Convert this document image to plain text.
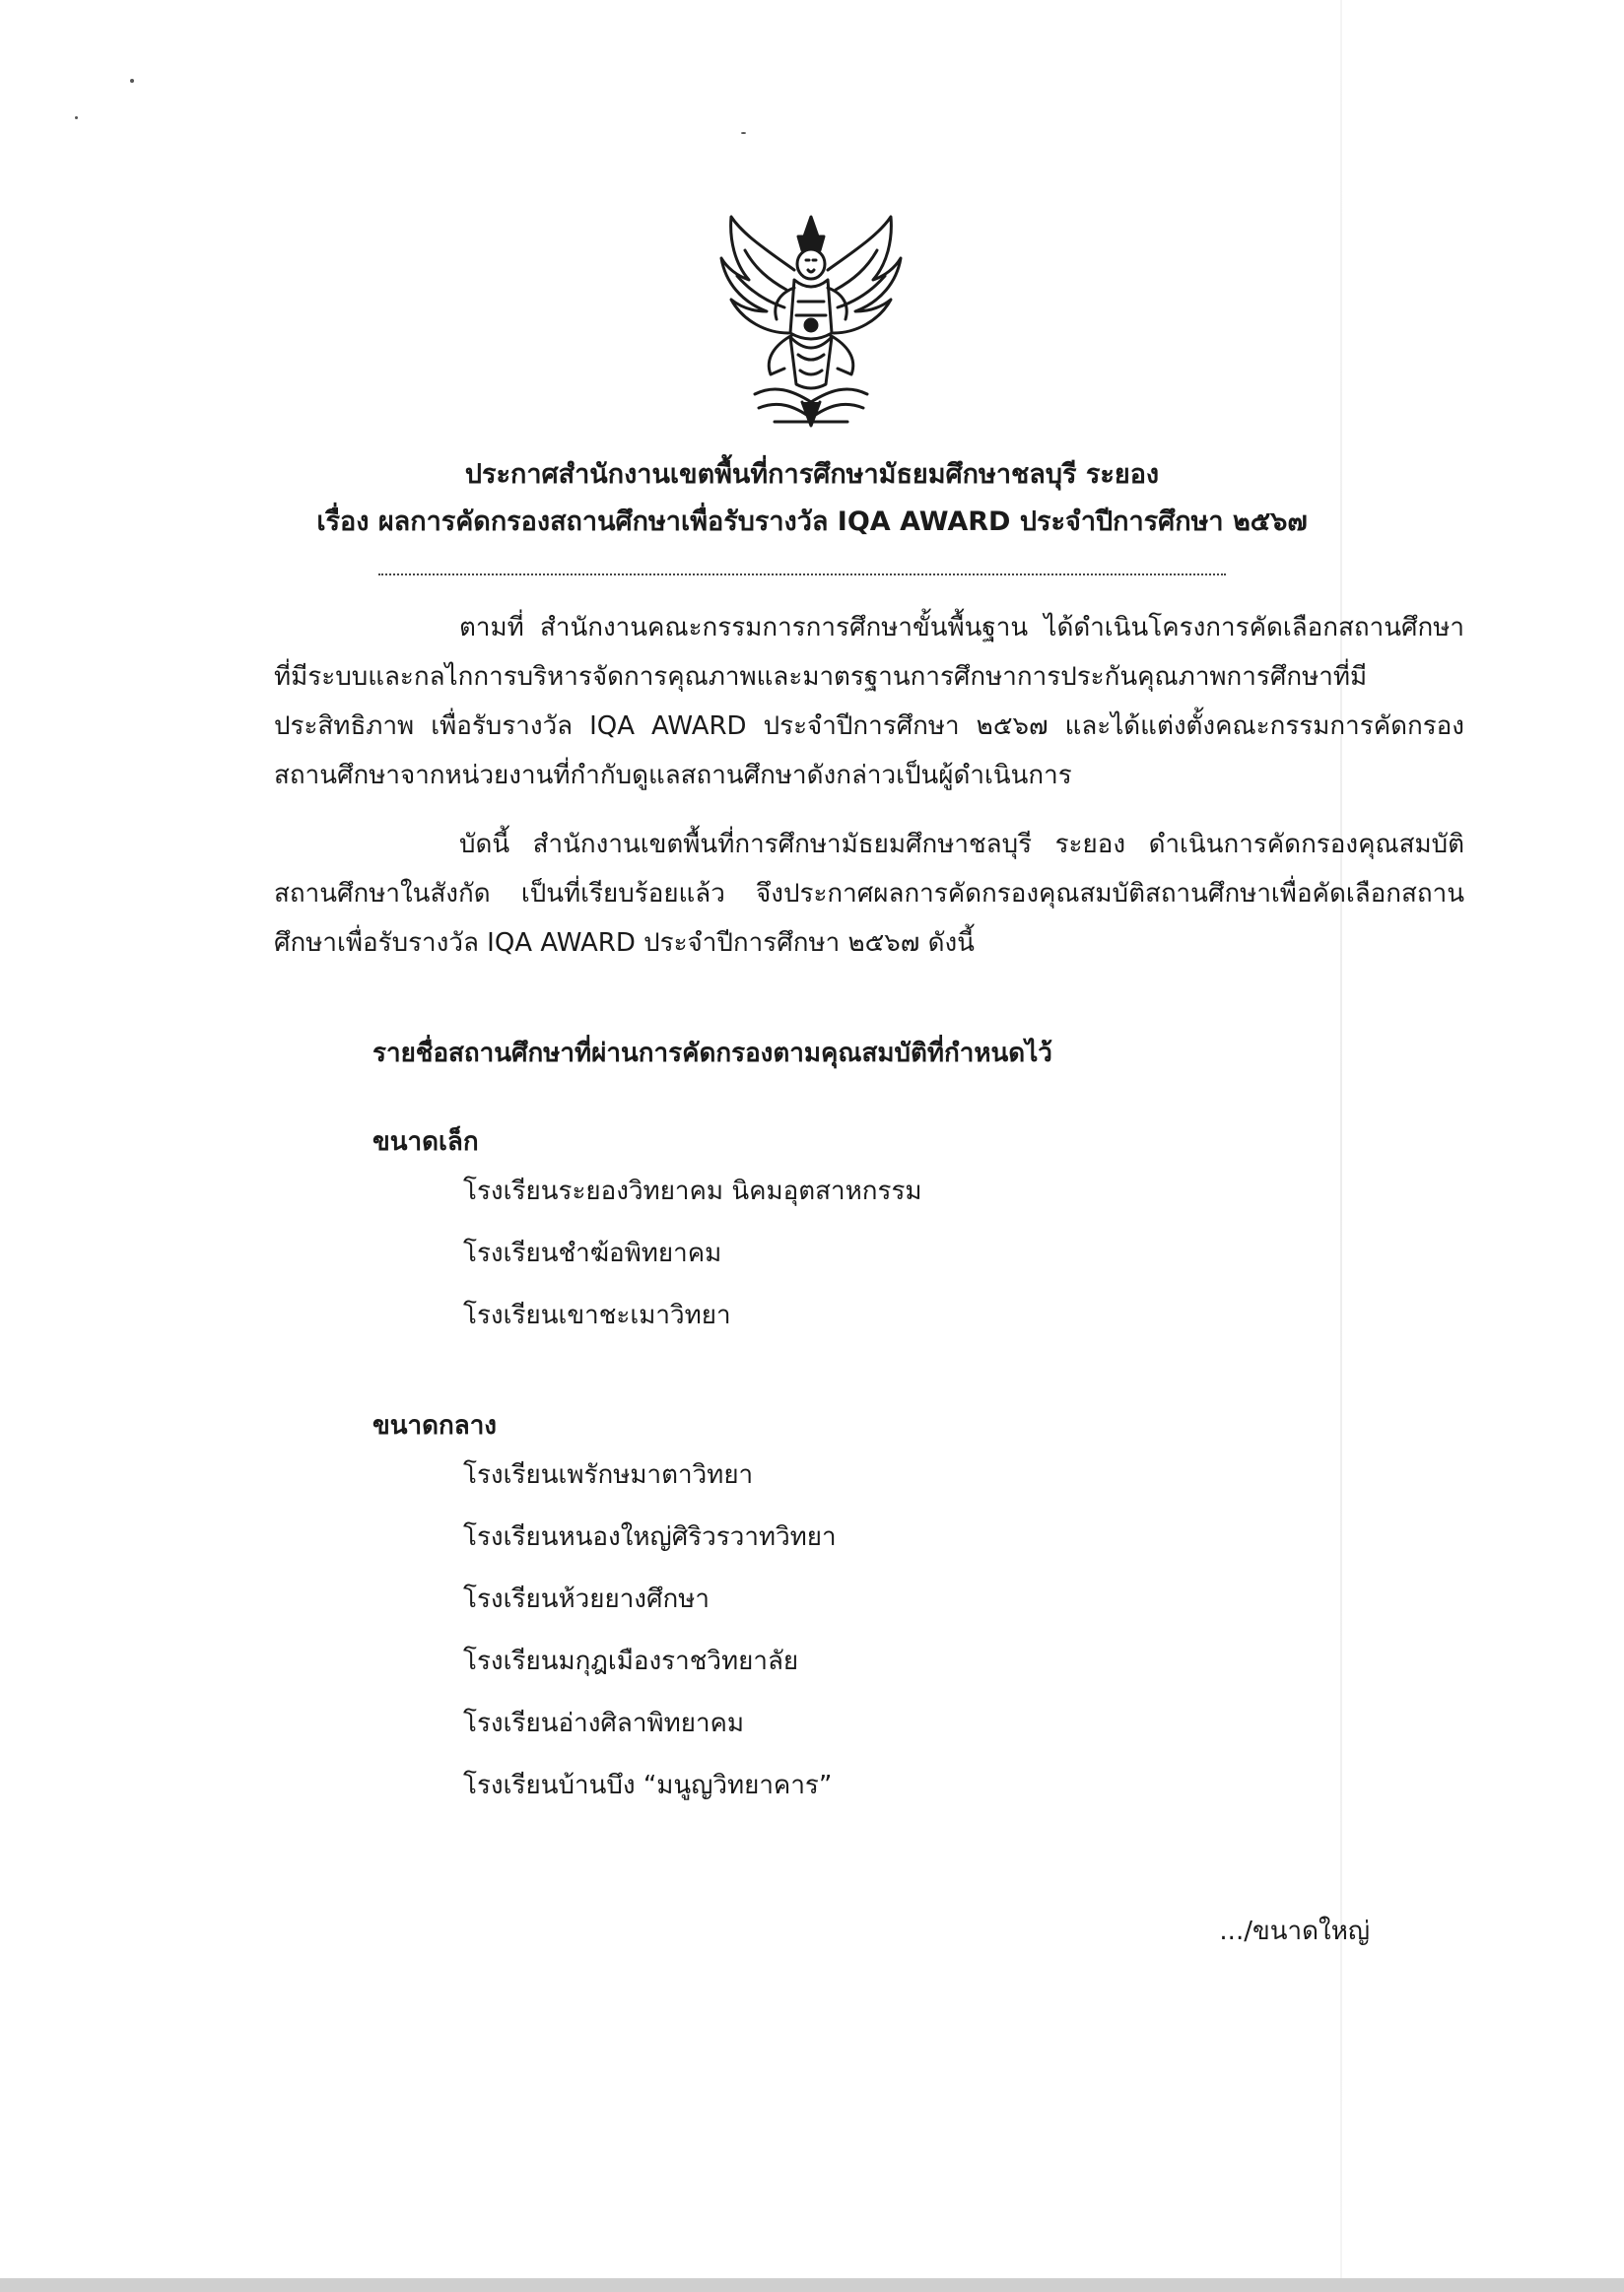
ประกาศสำนักงานเขตพื้นที่การศึกษามัธยมศึกษาชลบุรี ระยอง

เรื่อง ผลการคัดกรองสถานศึกษาเพื่อรับรางวัล IQA AWARD ประจำปีการศึกษา ๒๕๖๗

ตามที่ สำนักงานคณะกรรมการการศึกษาขั้นพื้นฐาน ได้ดำเนินโครงการคัดเลือกสถานศึกษาที่มีระบบและกลไกการบริหารจัดการคุณภาพและมาตรฐานการศึกษาการประกันคุณภาพการศึกษาที่มีประสิทธิภาพ เพื่อรับรางวัล IQA AWARD ประจำปีการศึกษา ๒๕๖๗ และได้แต่งตั้งคณะกรรมการคัดกรองสถานศึกษาจากหน่วยงานที่กำกับดูแลสถานศึกษาดังกล่าวเป็นผู้ดำเนินการ

บัดนี้ สำนักงานเขตพื้นที่การศึกษามัธยมศึกษาชลบุรี ระยอง ดำเนินการคัดกรองคุณสมบัติสถานศึกษาในสังกัด เป็นที่เรียบร้อยแล้ว จึงประกาศผลการคัดกรองคุณสมบัติสถานศึกษาเพื่อคัดเลือกสถานศึกษาเพื่อรับรางวัล IQA AWARD ประจำปีการศึกษา ๒๕๖๗ ดังนี้

รายชื่อสถานศึกษาที่ผ่านการคัดกรองตามคุณสมบัติที่กำหนดไว้

ขนาดเล็ก

โรงเรียนระยองวิทยาคม นิคมอุตสาหกรรม
โรงเรียนชำฆ้อพิทยาคม
โรงเรียนเขาชะเมาวิทยา

ขนาดกลาง

โรงเรียนเพรักษมาตาวิทยา
โรงเรียนหนองใหญ่ศิริวรวาทวิทยา
โรงเรียนห้วยยางศึกษา
โรงเรียนมกุฎเมืองราชวิทยาลัย
โรงเรียนอ่างศิลาพิทยาคม
โรงเรียนบ้านบึง “มนูญวิทยาคาร”
.../ขนาดใหญ่
